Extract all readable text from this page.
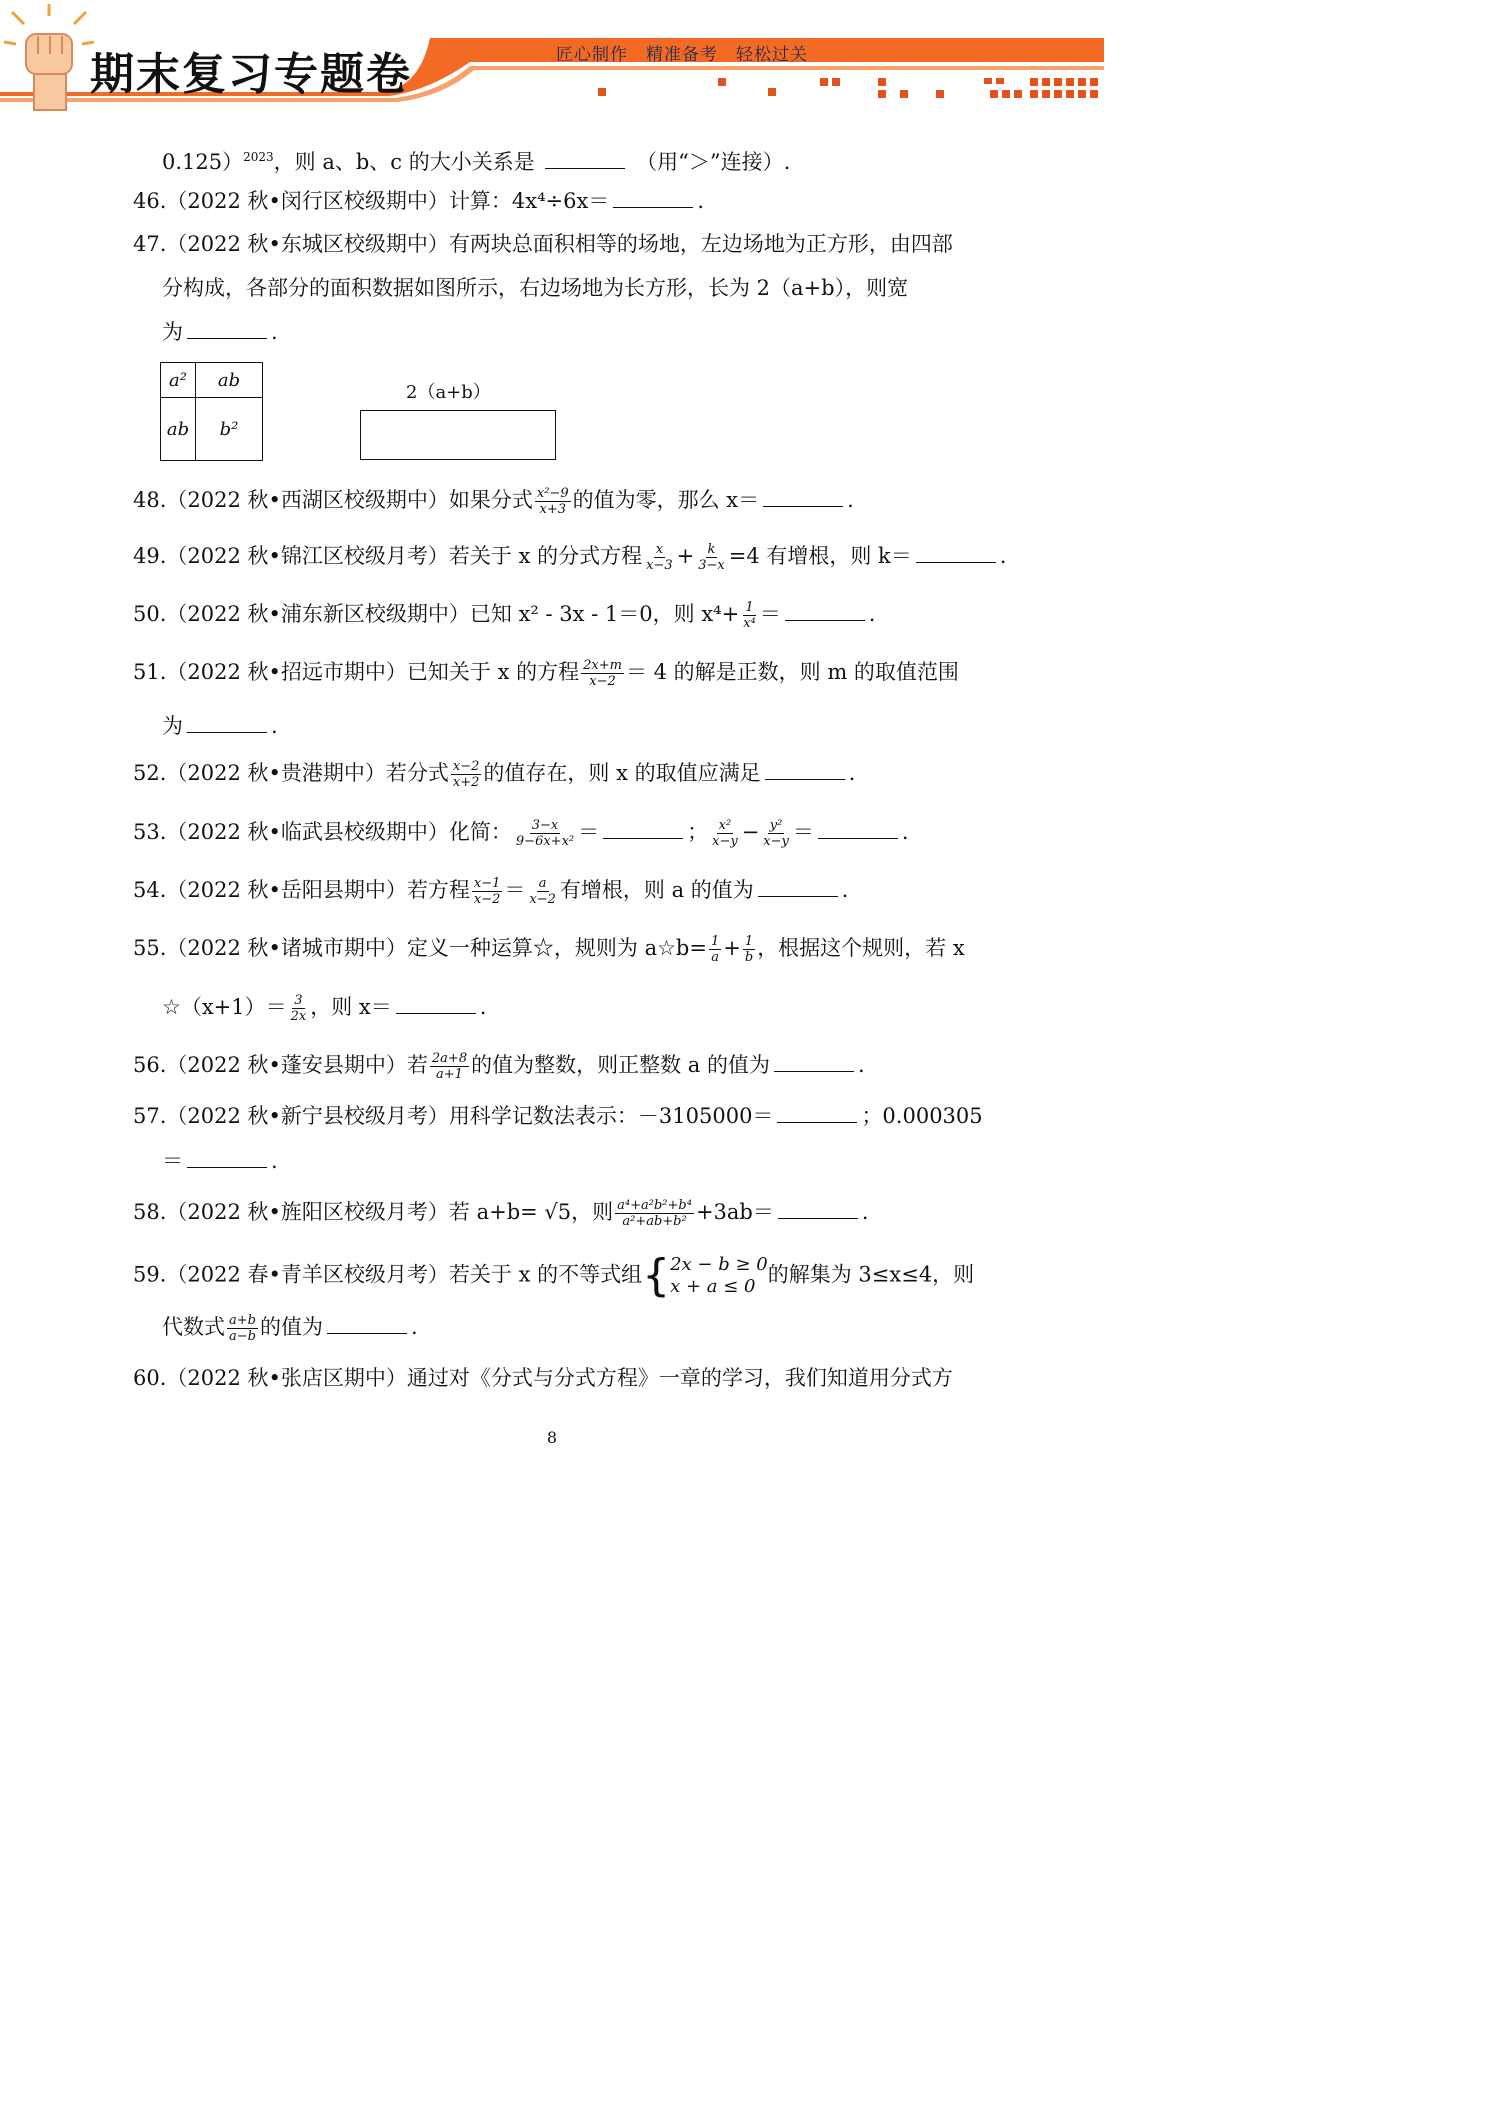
期末复习专题卷	匠心制作　精准备考　轻松过关
0.125）$^{2023}$，则 a、b、c 的大小关系是	（用“＞”连接）.
46.（2022 秋•闵行区校级期中）计算：4x⁴÷6x＝	.
47.（2022 秋•东城区校级期中）有两块总面积相等的场地，左边场地为正方形，由四部
分构成，各部分的面积数据如图所示，右边场地为长方形，长为 2（a+b），则宽
为	.
a²	ab
ab	b²
2（a+b）
48.（2022 秋•西湖区校级期中）如果分式 $\frac{\text{x²−9}}{x+3}$ 的值为零，那么 x＝	.
49.（2022 秋•锦江区校级月考）若关于 x 的分式方程 $\frac{x}{x-3} + \frac{k}{3-x} =4$ 有增根，则 k＝	.
50.（2022 秋•浦东新区校级期中）已知 x² - 3x - 1＝0，则 $x^4+ \frac{1}{\text{x⁴}}$ ＝	.
51.（2022 秋•招远市期中）已知关于 x 的方程 $\frac{2x+m}{x-2} = 4$ 的解是正数，则 m 的取值范围
为	.
52.（2022 秋•贵港期中）若分式 $\frac{x-2}{x+2}$ 的值存在，则 x 的取值应满足	.
53.（2022 秋•临武县校级期中）化简： $\frac{3-x}{\text{9−6x+x²}}$ ＝	； $\frac{\text{x²}}{x-y} - \frac{\text{y²}}{x-y}$ ＝	.
54.（2022 秋•岳阳县期中）若方程 $\frac{x-1}{x-2} = \frac{a}{x-2}$ 有增根，则 a 的值为	.
55.（2022 秋•诸城市期中）定义一种运算☆，规则为 a☆b= $\frac{1}{a} + \frac{1}{b}$ ，根据这个规则，若 x
☆（x+1）＝ $\frac{3}{2x}$ ，则 x＝	.
56.（2022 秋•蓬安县期中）若 $\frac{2a+8}{a+1}$ 的值为整数，则正整数 a 的值为	.
57.（2022 秋•新宁县校级月考）用科学记数法表示：－3105000＝	；0.000305
＝	.
58.（2022 秋•旌阳区校级月考）若 a+b= √5，则 $\frac{\text{a⁴+a²b²+b⁴}}{\text{a²+ab+b²}} +3ab=$	.
59.（2022 春•青羊区校级月考）若关于 x 的不等式组 { 2x − b ≥ 0
x + a ≤ 0 的解集为 3≤x≤4，则
代数式 $\frac{a+b}{a-b}$ 的值为	.
60.（2022 秋•张店区期中）通过对《分式与分式方程》一章的学习，我们知道用分式方
8
